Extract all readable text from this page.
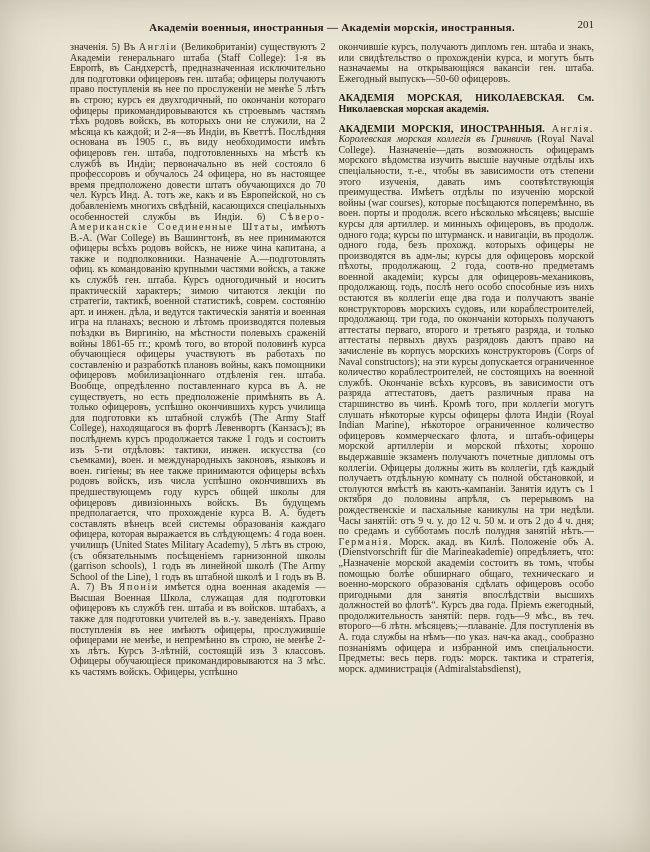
Академіи военныя, иностранныя — Академіи морскія, иностранныя.	201

значенія. 5) Въ Англіи (Великобританіи) существуютъ 2 Академіи генеральнаго штаба (Staff College): 1-я въ Европѣ, въ Сандхерстѣ, предназначенная исключительно для подготовки офицеровъ ген. штаба; офицеры получаютъ право поступленія въ нее по прослуженіи не менѣе 5 лѣтъ въ строю; курсъ ея двухгодичный, по окончаніи котораго офицеры прикомандировываются къ строевымъ частямъ тѣхъ родовъ войскъ, въ которыхъ они не служили, на 2 мѣсяца къ каждой; и 2-я—въ Индіи, въ Кветтѣ. Послѣдняя основана въ 1905 г., въ виду необходимости имѣть офицеровъ ген. штаба, подготовленныхъ на мѣстѣ къ службѣ въ Индіи; первоначально въ ней состояло 6 профессоровъ и обучалось 24 офицера, но въ настоящее время предположено довести штатъ обучающихся до 70 чел. Курсъ Инд. А. тотъ же, какъ и въ Европейской, но съ добавленіемъ многихъ свѣдѣній, касающихся спеціальныхъ особенностей службы въ Индіи. 6) Сѣверо-Американскіе Соединенные Штаты, имѣютъ В.-А. (War College) въ Вашингтонѣ, въ нее принимаются офицеры всѣхъ родовъ войскъ, не ниже чина капитана, а также и подполковники. Назначеніе А.—подготовлять офиц. къ командованію крупными частями войскъ, а также къ службѣ ген. штаба. Курсъ одногодичный и носитъ практическій характеръ; зимою читаются лекціи по стратегіи, тактикѣ, военной статистикѣ, соврем. состоянію арт. и инжен. дѣла, и ведутся тактическія занятія и военная игра на планахъ; весною и лѣтомъ производятся полевыя поѣздки въ Виргинію, на мѣстности полевыхъ сраженій войны 1861-65 гг.; кромѣ того, во второй половинѣ курса обучающіеся офицеры участвуютъ въ работахъ по составленію и разработкѣ плановъ войны, какъ помощники офицеровъ мобилизаціоннаго отдѣленія ген. штаба. Вообще, опредѣленно поставленнаго курса въ А. не существуетъ, но есть предположеніе примѣнять въ А. только офицеровъ, успѣшно окончившихъ курсъ училища для подготовки къ штабной службѣ (The Army Staff College), находящагося въ фортѣ Левенвортъ (Канзасъ); въ послѣднемъ курсъ продолжается также 1 годъ и состоитъ изъ 5-ти отдѣловъ: тактики, инжен. искусства (со съемками), воен. и международныхъ законовъ, языковъ и воен. гигіены; въ нее также принимаются офицеры всѣхъ родовъ войскъ, изъ числа успѣшно окончившихъ въ предшествующемъ году курсъ общей школы для офицеровъ дивизіонныхъ войскъ. Въ будущемъ предполагается, что прохожденіе курса В. А. будетъ составлять вѣнецъ всей системы образованія каждаго офицера, которая выражается въ слѣдующемъ: 4 года воен. училищъ (United States Military Academy), 5 лѣтъ въ строю, (съ обязательнымъ посѣщеніемъ гарнизонной школы (garrison schools), 1 годъ въ линейной школѣ (The Army School of the Line), 1 годъ въ штабной школѣ и 1 годъ въ В. А. 7) Въ Японіи имѣется одна военная академія — Высшая Военная Школа, служащая для подготовки офицеровъ къ службѣ ген. штаба и въ войсков. штабахъ, а также для подготовки учителей въ в.-у. заведеніяхъ. Право поступленія въ нее имѣютъ офицеры, прослужившіе офицерами не менѣе, и непремѣнно въ строю, не менѣе 2-хъ лѣтъ. Курсъ 3-лѣтній, состоящій изъ 3 классовъ. Офицеры обучающіеся прикомандировываются на 3 мѣс. къ частямъ войскъ. Офицеры, успѣшно

окончившіе курсъ, получаютъ дипломъ ген. штаба и знакъ, или свидѣтельство о прохожденіи курса, и могутъ быть назначаемы на открывающіяся вакансіи ген. штаба. Ежегодный выпускъ—50-60 офицеровъ.

АКАДЕМІЯ МОРСКАЯ, НИКОЛАЕВСКАЯ. См. Николаевская морская академія.

АКАДЕМІИ МОРСКІЯ, ИНОСТРАННЫЯ. Англія. Королевская морская коллегія въ Гринвичѣ (Royal Naval College). Назначеніе—дать возможность офицерамъ морского вѣдомства изучить высшіе научные отдѣлы ихъ спеціальности, т.-е., чтобы въ зависимости отъ степени этого изученія, давать имъ соотвѣтствующія преимущества. Имѣетъ отдѣлы по изученію морской войны (war courses), которые посѣщаются поперемѣнно, въ воен. порты и продолж. всего нѣсколько мѣсяцевъ; высшіе курсы для артиллер. и минныхъ офицеровъ, въ продолж. одного года; курсы по штурманск. и навигаціи, въ продолж. одного года, безъ прохожд. которыхъ офицеры не производятся въ адм-лы; курсы для офицеровъ морской пѣхоты, продолжающ. 2 года, соотв-но предметамъ военной академіи; курсы для офицеровъ-механиковъ, продолжающ. годъ, послѣ него особо способные изъ нихъ остаются въ коллегіи еще два года и получаютъ званіе конструкторовъ морскихъ судовъ, или кораблестроителей, продолжающ. три года, по окончаніи которыхъ получаютъ аттестаты перваго, второго и третьяго разряда, и только аттестаты первыхъ двухъ разрядовъ даютъ право на зачисленіе въ корпусъ морскихъ конструкторовъ (Corps of Naval constructors); на эти курсы допускается ограниченное количество кораблестроителей, не состоящихъ на военной службѣ. Окончаніе всѣхъ курсовъ, въ зависимости отъ разряда аттестатовъ, даетъ различныя права на старшинство въ чинѣ. Кромѣ того, при коллегіи могутъ слушать нѣкоторые курсы офицеры флота Индіи (Royal Indian Marine), нѣкоторое ограниченное количество офицеровъ коммерческаго флота, и штабъ-офицеры морской артиллеріи и морской пѣхоты; хорошо выдержавшіе экзаменъ получаютъ почетные дипломы отъ коллегіи. Офицеры должны жить въ коллегіи, гдѣ каждый получаетъ отдѣльную комнату съ полной обстановкой, и столуются вмѣстѣ въ кають-кампаніи. Занятія идутъ съ 1 октября до половины апрѣля, съ перерывомъ на рождественскіе и пасхальные каникулы на три недѣли. Часы занятій: отъ 9 ч. у. до 12 ч. 50 м. и отъ 2 до 4 ч. дня; по средамъ и субботамъ послѣ полудня занятій нѣтъ.—Германія. Морск. акад. въ Килѣ. Положеніе объ А. (Dienstvorschrift für die Marineakademie) опредѣляетъ, что: „Назначеніе морской академіи состоитъ въ томъ, чтобы помощью болѣе обширнаго общаго, техническаго и военно-морского образованія сдѣлать офицеровъ особо пригодными для занятія впослѣдствіи высшихъ должностей во флотѣ“. Курсъ два года. Пріемъ ежегодный, продолжительность занятій: перв. годъ—9 мѣс., въ теч. второго—6 лѣтн. мѣсяцевъ;—плаваніе. Для поступленія въ А. года службы на нѣмъ—по указ. нач-ка акад., сообразно познаніямъ офицера и избранной имъ спеціальности. Предметы: весь перв. годъ: морск. тактика и стратегія, морск. администрація (Admiralstabsdienst),
